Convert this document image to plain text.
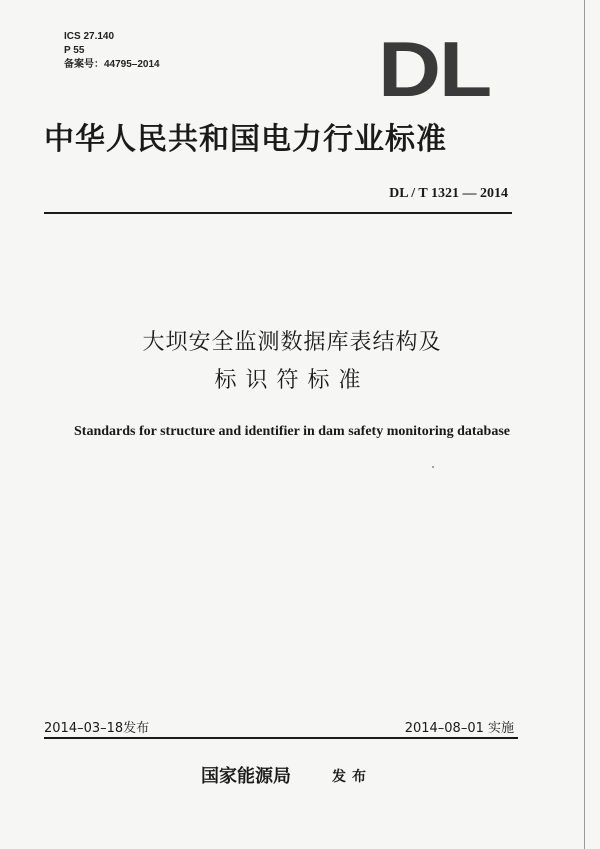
ICS 27.140
P 55
备案号：44795–2014	DL
中华人民共和国电力行业标准
DL / T 1321 — 2014
大坝安全监测数据库表结构及
标识符标准
Standards for structure and identifier in dam safety monitoring database
2014–03–18发布	2014–08–01 实施
国家能源局	发布
